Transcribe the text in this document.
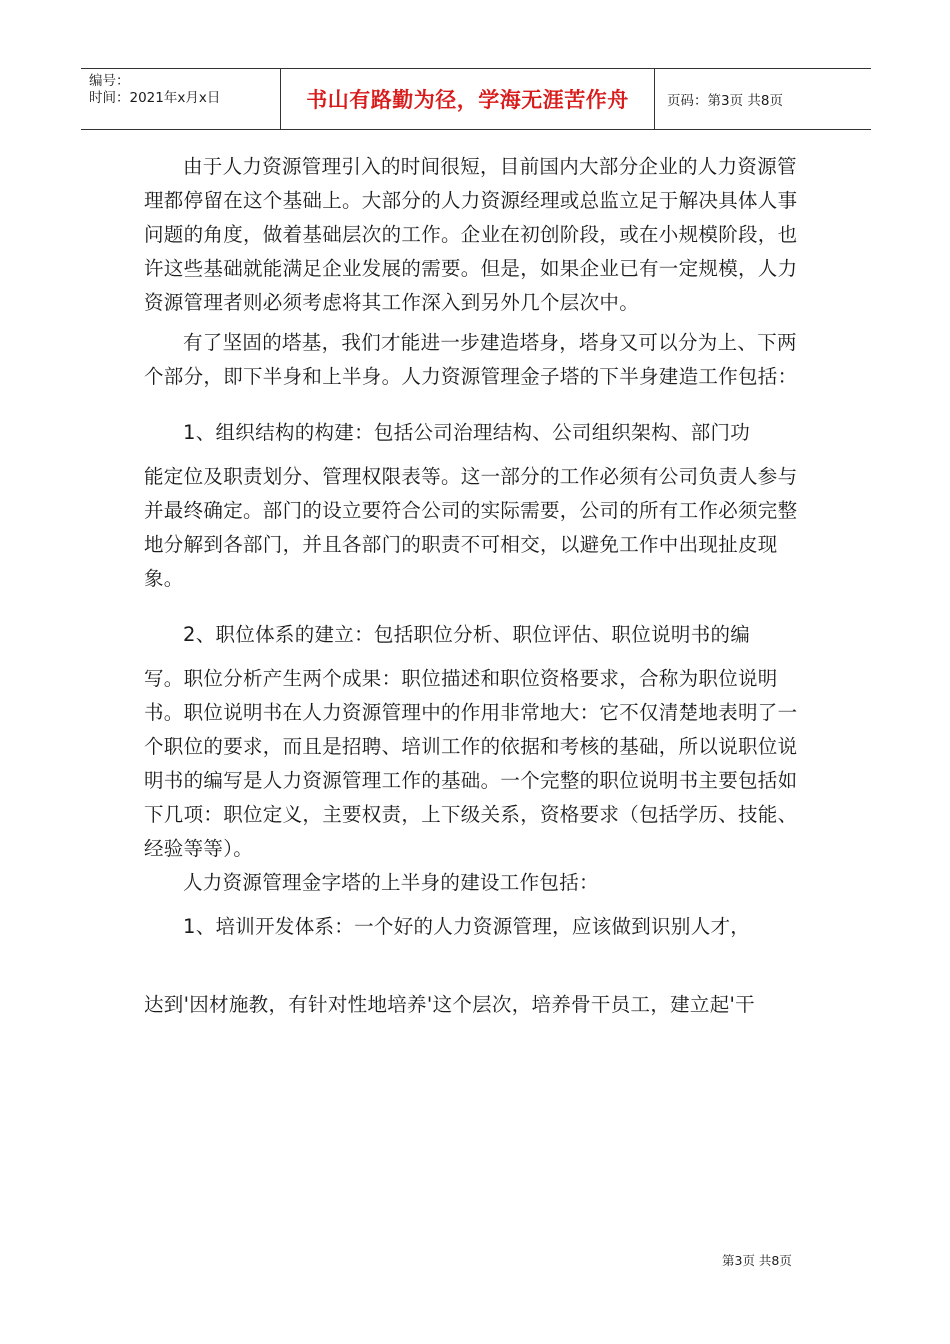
编号：
时间：2021年x月x日	书山有路勤为径，学海无涯苦作舟	页码：第3页 共8页

由于人力资源管理引入的时间很短，目前国内大部分企业的人力资源管理都停留在这个基础上。大部分的人力资源经理或总监立足于解决具体人事问题的角度，做着基础层次的工作。企业在初创阶段，或在小规模阶段，也许这些基础就能满足企业发展的需要。但是，如果企业已有一定规模，人力资源管理者则必须考虑将其工作深入到另外几个层次中。

有了坚固的塔基，我们才能进一步建造塔身，塔身又可以分为上、下两个部分，即下半身和上半身。人力资源管理金子塔的下半身建造工作包括：

1、组织结构的构建：包括公司治理结构、公司组织架构、部门功

能定位及职责划分、管理权限表等。这一部分的工作必须有公司负责人参与并最终确定。部门的设立要符合公司的实际需要，公司的所有工作必须完整地分解到各部门，并且各部门的职责不可相交，以避免工作中出现扯皮现象。

2、职位体系的建立：包括职位分析、职位评估、职位说明书的编

写。职位分析产生两个成果：职位描述和职位资格要求，合称为职位说明书。职位说明书在人力资源管理中的作用非常地大：它不仅清楚地表明了一个职位的要求，而且是招聘、培训工作的依据和考核的基础，所以说职位说明书的编写是人力资源管理工作的基础。一个完整的职位说明书主要包括如下几项：职位定义，主要权责，上下级关系，资格要求（包括学历、技能、经验等等）。

人力资源管理金字塔的上半身的建设工作包括：

1、培训开发体系：一个好的人力资源管理，应该做到识别人才，

达到'因材施教，有针对性地培养'这个层次，培养骨干员工，建立起'干

第3页 共8页
